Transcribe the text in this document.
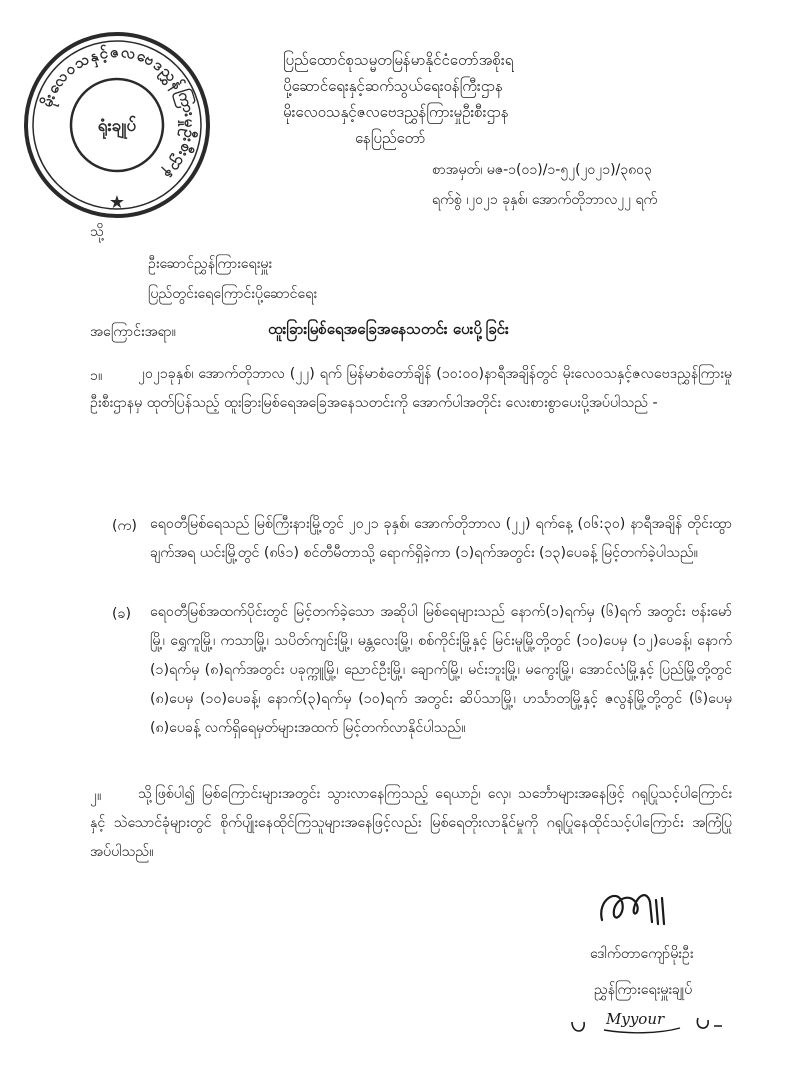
မိုးလေဝသနှင့်ဇလဗေဒညွှန်ကြားမှုဦးစီးဌာန
ရုံးချုပ်
★
ပြည်ထောင်စုသမ္မတမြန်မာနိုင်ငံတော်အစိုးရ
ပို့ဆောင်ရေးနှင့်ဆက်သွယ်ရေးဝန်ကြီးဌာန
မိုးလေဝသနှင့်ဇလဗေဒညွှန်ကြားမှုဦးစီးဌာန
နေပြည်တော်
စာအမှတ်၊ မဇ-၁(၀၁)/၁-၅၂(၂၀၂၁)/၃၈၀၃
ရက်စွဲ ၊၂၀၂၁ ခုနှစ်၊ အောက်တိုဘာလ၂၂ ရက်
သို့
ဦးဆောင်ညွှန်ကြားရေးမှူး
ပြည်တွင်းရေကြောင်းပို့ဆောင်ရေး
အကြောင်းအရာ။	ထူးခြားမြစ်ရေအခြေအနေသတင်း ပေးပို့ခြင်း
၁။	၂၀၂၁ခုနှစ်၊ အောက်တိုဘာလ (၂၂) ရက် မြန်မာစံတော်ချိန် (၁၀:၀၀)နာရီအချိန်တွင် မိုးလေဝသနှင့်ဇလဗေဒညွှန်ကြားမှုဦးစီးဌာနမှ ထုတ်ပြန်သည့် ထူးခြားမြစ်ရေအခြေအနေသတင်းကို အောက်ပါအတိုင်း လေးစားစွာပေးပို့အပ်ပါသည် -
(က) ရေဝတီမြစ်ရေသည် မြစ်ကြီးနားမြို့တွင် ၂၀၂၁ ခုနှစ်၊ အောက်တိုဘာလ (၂၂) ရက်နေ့ (၀၆:၃၀) နာရီအချိန် တိုင်းထွာချက်အရ ယင်းမြို့တွင် (၈၆၁) စင်တီမီတာသို့ ရောက်ရှိခဲ့ကာ (၁)ရက်အတွင်း (၁၃)ပေခန့် မြင့်တက်ခဲ့ပါသည်။
(ခ) ရေဝတီမြစ်အထက်ပိုင်းတွင် မြင့်တက်ခဲ့သော အဆိုပါ မြစ်ရေများသည် နောက်(၁)ရက်မှ (၆)ရက် အတွင်း ဗန်းမော်မြို့၊ ရွှေကူမြို့၊ ကသာမြို့၊ သပိတ်ကျင်းမြို့၊ မန္တလေးမြို့၊ စစ်ကိုင်းမြို့နှင့် မြင်းမူမြို့တို့တွင် (၁၀)ပေမှ (၁၂)ပေခန့်၊ နောက် (၁)ရက်မှ (၈)ရက်အတွင်း ပခုက္ကူမြို့၊ ညောင်ဦးမြို့၊ ချောက်မြို့၊ မင်းဘူးမြို့၊ မကွေးမြို့၊ အောင်လံမြို့နှင့် ပြည်မြို့တို့တွင် (၈)ပေမှ (၁၀)ပေခန့်၊ နောက်(၃)ရက်မှ (၁၀)ရက် အတွင်း ဆိပ်သာမြို့၊ ဟင်္သာတမြို့နှင့် ဇလွန်မြို့တို့တွင် (၆)ပေမှ (၈)ပေခန့် လက်ရှိရေမှတ်များအထက် မြင့်တက်လာနိုင်ပါသည်။
၂။	သို့ဖြစ်ပါ၍ မြစ်ကြောင်းများအတွင်း သွားလာနေကြသည့် ရေယာဉ်၊ လှေ၊ သင်္ဘောများအနေဖြင့် ဂရုပြုသင့်ပါကြောင်းနှင့် သဲသောင်ခုံများတွင် စိုက်ပျိုးနေထိုင်ကြသူများအနေဖြင့်လည်း မြစ်ရေတိုးလာနိုင်မှုကို ဂရုပြုနေထိုင်သင့်ပါကြောင်း အကြံပြုအပ်ပါသည်။
ဒေါက်တာကျော်မိုးဦး
ညွှန်ကြားရေးမှူးချုပ်
Myyour
